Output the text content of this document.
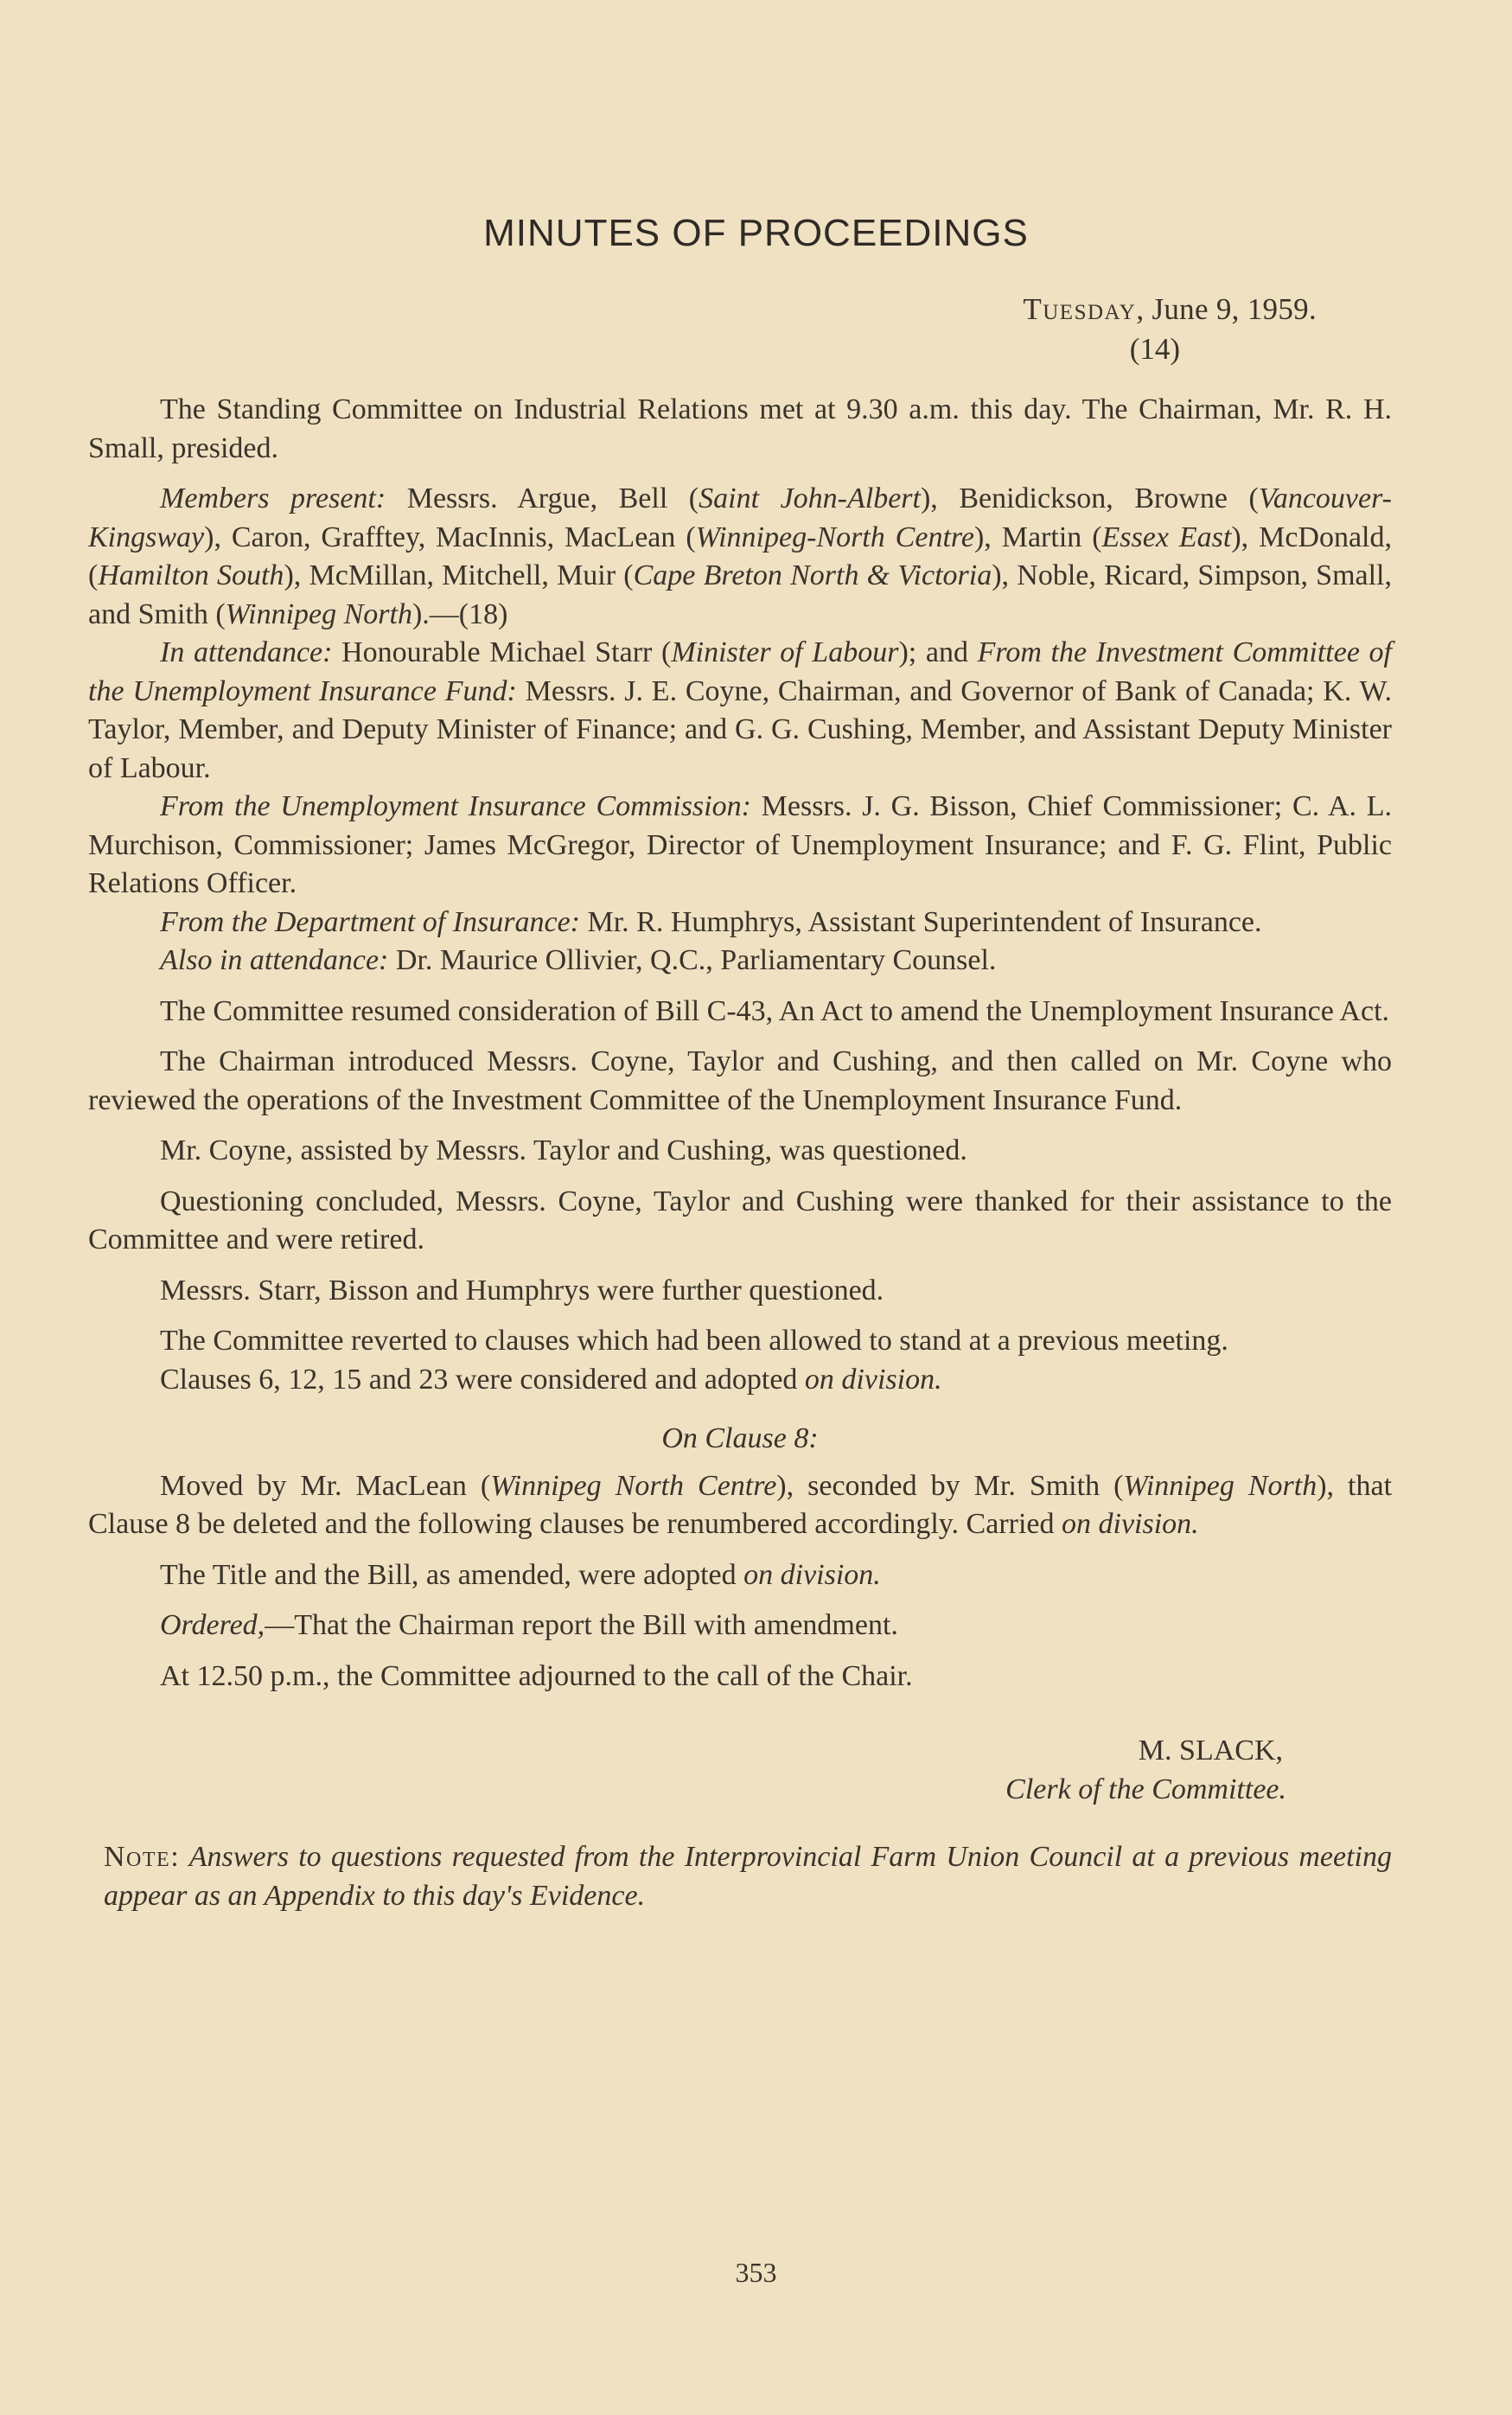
MINUTES OF PROCEEDINGS
Tuesday, June 9, 1959.
(14)

The Standing Committee on Industrial Relations met at 9.30 a.m. this day. The Chairman, Mr. R. H. Small, presided.

Members present: Messrs. Argue, Bell (Saint John-Albert), Benidickson, Browne (Vancouver-Kingsway), Caron, Grafftey, MacInnis, MacLean (Winnipeg-North Centre), Martin (Essex East), McDonald, (Hamilton South), McMillan, Mitchell, Muir (Cape Breton North & Victoria), Noble, Ricard, Simpson, Small, and Smith (Winnipeg North).—(18)

In attendance: Honourable Michael Starr (Minister of Labour); and From the Investment Committee of the Unemployment Insurance Fund: Messrs. J. E. Coyne, Chairman, and Governor of Bank of Canada; K. W. Taylor, Member, and Deputy Minister of Finance; and G. G. Cushing, Member, and Assistant Deputy Minister of Labour.

From the Unemployment Insurance Commission: Messrs. J. G. Bisson, Chief Commissioner; C. A. L. Murchison, Commissioner; James McGregor, Director of Unemployment Insurance; and F. G. Flint, Public Relations Officer.

From the Department of Insurance: Mr. R. Humphrys, Assistant Superintendent of Insurance.

Also in attendance: Dr. Maurice Ollivier, Q.C., Parliamentary Counsel.

The Committee resumed consideration of Bill C-43, An Act to amend the Unemployment Insurance Act.

The Chairman introduced Messrs. Coyne, Taylor and Cushing, and then called on Mr. Coyne who reviewed the operations of the Investment Committee of the Unemployment Insurance Fund.

Mr. Coyne, assisted by Messrs. Taylor and Cushing, was questioned.

Questioning concluded, Messrs. Coyne, Taylor and Cushing were thanked for their assistance to the Committee and were retired.

Messrs. Starr, Bisson and Humphrys were further questioned.

The Committee reverted to clauses which had been allowed to stand at a previous meeting.

Clauses 6, 12, 15 and 23 were considered and adopted on division.

On Clause 8:

Moved by Mr. MacLean (Winnipeg North Centre), seconded by Mr. Smith (Winnipeg North), that Clause 8 be deleted and the following clauses be renumbered accordingly. Carried on division.

The Title and the Bill, as amended, were adopted on division.

Ordered,—That the Chairman report the Bill with amendment.

At 12.50 p.m., the Committee adjourned to the call of the Chair.

M. SLACK,
Clerk of the Committee.

Note: Answers to questions requested from the Interprovincial Farm Union Council at a previous meeting appear as an Appendix to this day's Evidence.

353
